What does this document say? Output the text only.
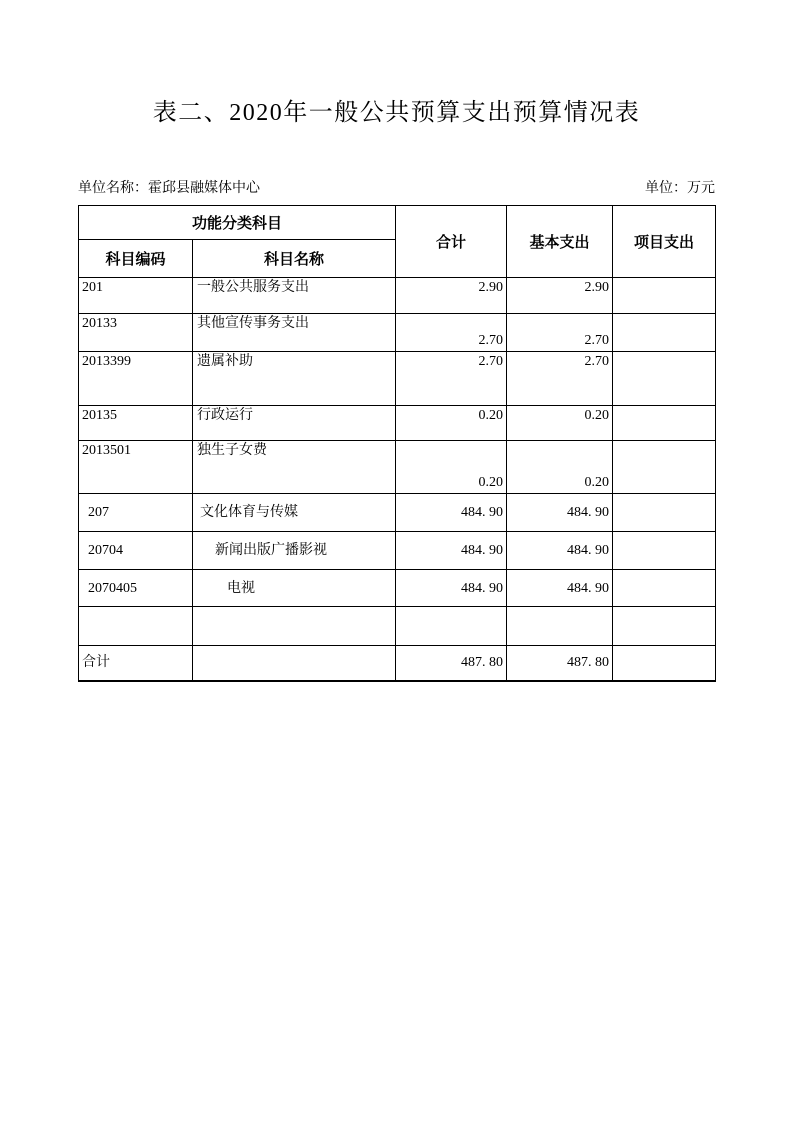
表二、2020年一般公共预算支出预算情况表
单位名称：霍邱县融媒体中心	单位：万元
功能分类科目		合计	基本支出	项目支出
科目编码	科目名称			
201	一般公共服务支出	2.90	2.90	
20133	其他宣传事务支出	2.70	2.70	
2013399	遗属补助	2.70	2.70	
20135	行政运行	0.20	0.20	
2013501	独生子女费	0.20	0.20	
207	文化体育与传媒	484. 90	484. 90	
20704	新闻出版广播影视	484. 90	484. 90	
2070405	电视	484. 90	484. 90	

合计		487. 80	487. 80	
